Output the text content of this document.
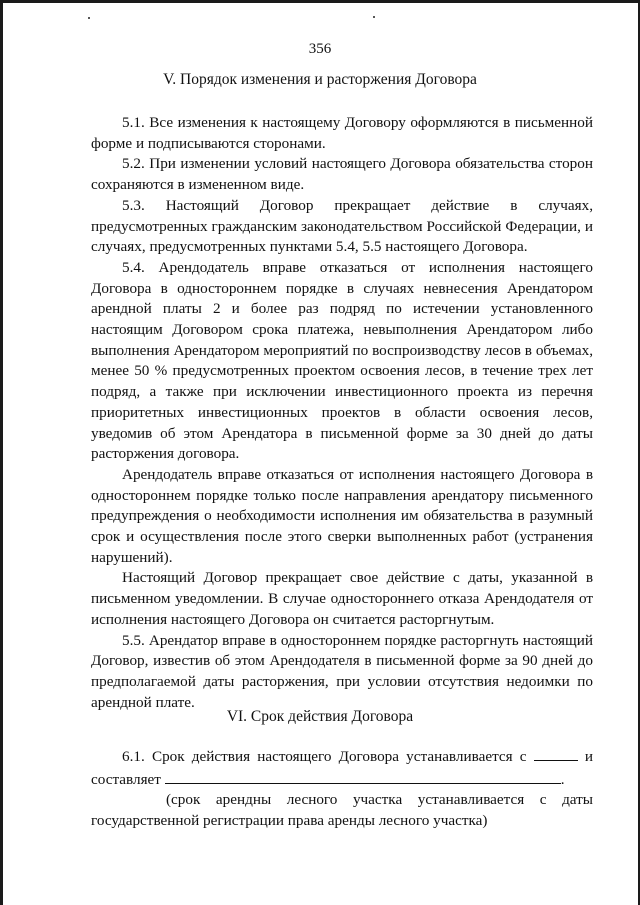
356
V. Порядок изменения и расторжения Договора

5.1. Все изменения к настоящему Договору оформляются в письменной форме и подписываются сторонами.

5.2. При изменении условий настоящего Договора обязательства сторон сохраняются в измененном виде.

5.3. Настоящий Договор прекращает действие в случаях, предусмотренных гражданским законодательством Российской Федерации, и случаях, предусмотренных пунктами 5.4, 5.5 настоящего Договора.

5.4. Арендодатель вправе отказаться от исполнения настоящего Договора в одностороннем порядке в случаях невнесения Арендатором арендной платы 2 и более раз подряд по истечении установленного настоящим Договором срока платежа, невыполнения Арендатором либо выполнения Арендатором мероприятий по воспроизводству лесов в объемах, менее 50 % предусмотренных проектом освоения лесов, в течение трех лет подряд, а также при исключении инвестиционного проекта из перечня приоритетных инвестиционных проектов в области освоения лесов, уведомив об этом Арендатора в письменной форме за 30 дней до даты расторжения договора.

Арендодатель вправе отказаться от исполнения настоящего Договора в одностороннем порядке только после направления арендатору письменного предупреждения о необходимости исполнения им обязательства в разумный срок и осуществления после этого сверки выполненных работ (устранения нарушений).

Настоящий Договор прекращает свое действие с даты, указанной в письменном уведомлении. В случае одностороннего отказа Арендодателя от исполнения настоящего Договора он считается расторгнутым.

5.5. Арендатор вправе в одностороннем порядке расторгнуть настоящий Договор, известив об этом Арендодателя в письменной форме за 90 дней до предполагаемой даты расторжения, при условии отсутствия недоимки по арендной плате.

VI. Срок действия Договора

6.1. Срок действия настоящего Договора устанавливается с	и составляет	.

(срок арендны лесного участка устанавливается с даты государственной регистрации права аренды лесного участка)
